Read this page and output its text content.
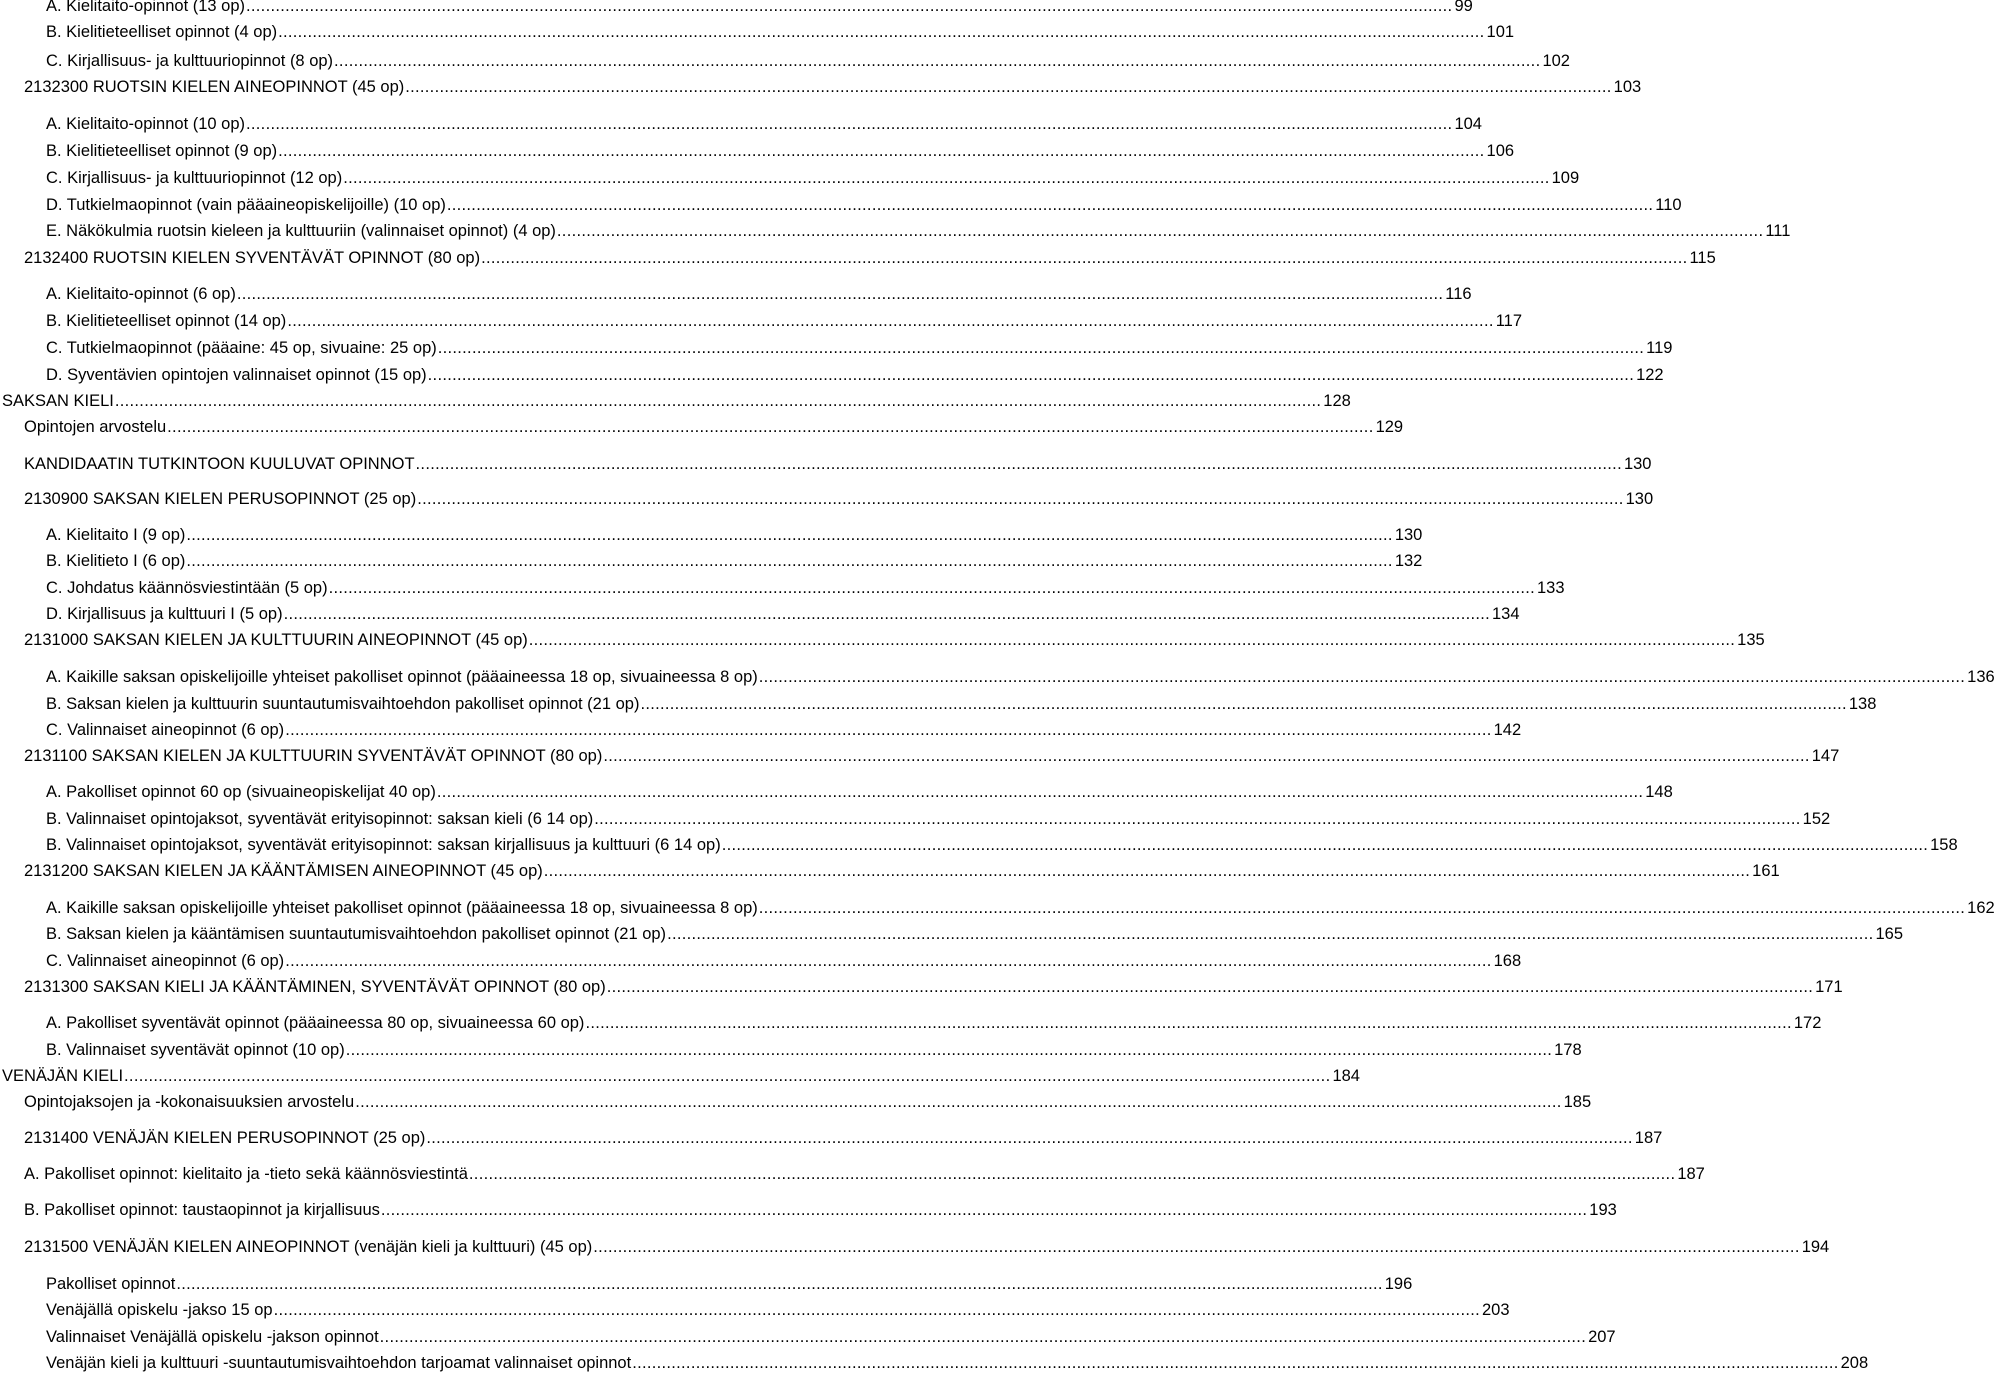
A. Kielitaito-opinnot (13 op) .....	99
B. Kielitieteelliset opinnot (4 op) .....	101
C. Kirjallisuus- ja kulttuuriopinnot (8 op) .....	102
2132300 RUOTSIN KIELEN AINEOPINNOT (45 op) .....	103
A. Kielitaito-opinnot (10 op) .....	104
B. Kielitieteelliset opinnot (9 op) .....	106
C. Kirjallisuus- ja kulttuuriopinnot (12 op) .....	109
D. Tutkielmaopinnot (vain pääaineopiskelijoille) (10 op) .....	110
E. Näkökulmia ruotsin kieleen ja kulttuuriin (valinnaiset opinnot) (4 op) .....	111
2132400 RUOTSIN KIELEN SYVENTÄVÄT OPINNOT (80 op) .....	115
A. Kielitaito-opinnot (6 op) .....	116
B. Kielitieteelliset opinnot (14 op) .....	117
C. Tutkielmaopinnot (pääaine: 45 op, sivuaine: 25 op) .....	119
D. Syventävien opintojen valinnaiset opinnot (15 op) .....	122
SAKSAN KIELI .....	128
Opintojen arvostelu .....	129
KANDIDAATIN TUTKINTOON KUULUVAT OPINNOT .....	130
2130900 SAKSAN KIELEN PERUSOPINNOT (25 op) .....	130
A. Kielitaito I (9 op) .....	130
B. Kielitieto I (6 op) .....	132
C. Johdatus käännösviestintään (5 op) .....	133
D. Kirjallisuus ja kulttuuri I (5 op) .....	134
2131000 SAKSAN KIELEN JA KULTTUURIN AINEOPINNOT (45 op) .....	135
A. Kaikille saksan opiskelijoille yhteiset pakolliset opinnot (pääaineessa 18 op, sivuaineessa 8 op) .....	136
B. Saksan kielen ja kulttuurin suuntautumisvaihtoehdon pakolliset opinnot (21 op) .....	138
C. Valinnaiset aineopinnot (6 op) .....	142
2131100 SAKSAN KIELEN JA KULTTUURIN SYVENTÄVÄT OPINNOT (80 op) .....	147
A. Pakolliset opinnot 60 op (sivuaineopiskelijat 40 op) .....	148
B. Valinnaiset opintojaksot, syventävät erityisopinnot: saksan kieli (6 14 op) .....	152
B. Valinnaiset opintojaksot, syventävät erityisopinnot: saksan kirjallisuus ja kulttuuri (6 14 op) .....	158
2131200 SAKSAN KIELEN JA KÄÄNTÄMISEN AINEOPINNOT (45 op) .....	161
A. Kaikille saksan opiskelijoille yhteiset pakolliset opinnot (pääaineessa 18 op, sivuaineessa 8 op) .....	162
B. Saksan kielen ja kääntämisen suuntautumisvaihtoehdon pakolliset opinnot (21 op) .....	165
C. Valinnaiset aineopinnot (6 op) .....	168
2131300 SAKSAN KIELI JA KÄÄNTÄMINEN, SYVENTÄVÄT OPINNOT (80 op) .....	171
A. Pakolliset syventävät opinnot (pääaineessa 80 op, sivuaineessa 60 op) .....	172
B. Valinnaiset syventävät opinnot (10 op) .....	178
VENÄJÄN KIELI .....	184
Opintojaksojen ja -kokonaisuuksien arvostelu .....	185
2131400 VENÄJÄN KIELEN PERUSOPINNOT (25 op) .....	187
A. Pakolliset opinnot: kielitaito ja -tieto sekä käännösviestintä .....	187
B. Pakolliset opinnot: taustaopinnot ja kirjallisuus .....	193
2131500 VENÄJÄN KIELEN AINEOPINNOT (venäjän kieli ja kulttuuri) (45 op) .....	194
Pakolliset opinnot .....	196
Venäjällä opiskelu -jakso 15 op .....	203
Valinnaiset Venäjällä opiskelu -jakson opinnot .....	207
Venäjän kieli ja kulttuuri -suuntautumisvaihtoehdon tarjoamat valinnaiset opinnot .....	208
